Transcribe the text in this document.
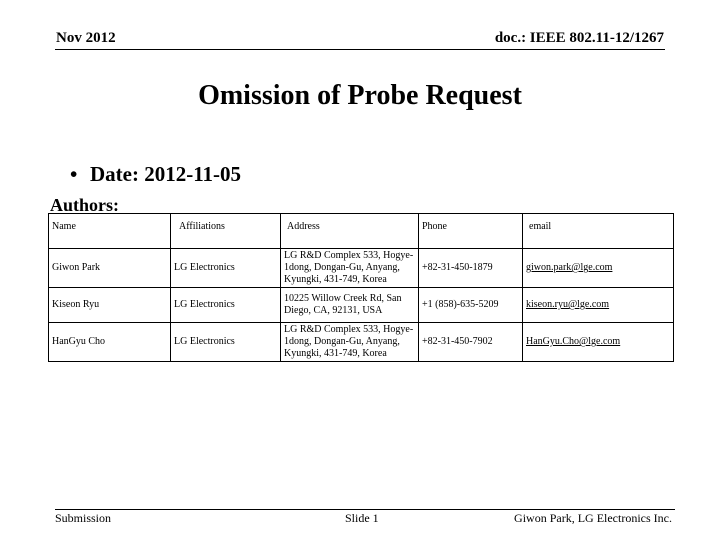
Nov 2012	doc.: IEEE 802.11-12/1267
Omission of Probe Request
• Date: 2012-11-05
Authors:
Name	Affiliations	Address	Phone	email
Giwon Park	LG Electronics	LG R&D Complex 533, Hogye-1dong, Dongan-Gu, Anyang, Kyungki, 431-749, Korea	+82-31-450-1879	giwon.park@lge.com
Kiseon Ryu	LG Electronics	10225 Willow Creek Rd, San Diego, CA, 92131, USA	+1 (858)-635-5209	kiseon.ryu@lge.com
HanGyu Cho	LG Electronics	LG R&D Complex 533, Hogye-1dong, Dongan-Gu, Anyang, Kyungki, 431-749, Korea	+82-31-450-7902	HanGyu.Cho@lge.com
Submission	Slide 1	Giwon Park, LG Electronics Inc.
